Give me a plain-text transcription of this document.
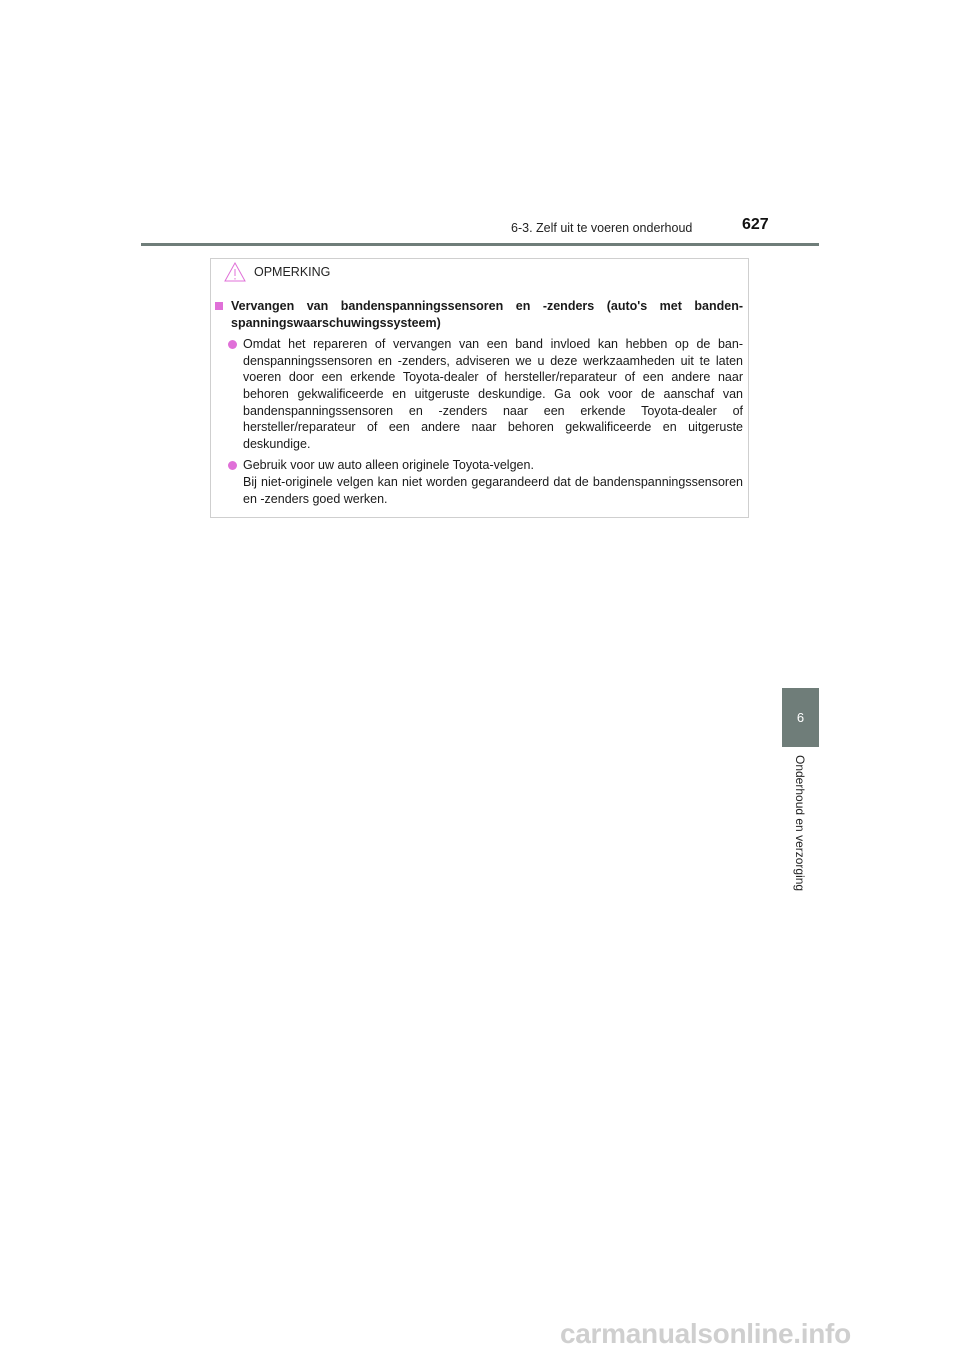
6-3. Zelf uit te voeren onderhoud	627
6
Onderhoud en verzorging
OPMERKING
Vervangen van bandenspanningssensoren en -zenders (auto's met bandenspanningswaarschuwingssysteem)
Omdat het repareren of vervangen van een band invloed kan hebben op de bandenspanningssensoren en -zenders, adviseren we u deze werkzaamheden uit te laten voeren door een erkende Toyota-dealer of hersteller/reparateur of een andere naar behoren gekwalificeerde en uitgeruste deskundige. Ga ook voor de aanschaf van bandenspanningssensoren en -zenders naar een erkende Toyota-dealer of hersteller/reparateur of een andere naar behoren gekwalificeerde en uitgeruste deskundige.

Gebruik voor uw auto alleen originele Toyota-velgen.

Bij niet-originele velgen kan niet worden gegarandeerd dat de bandenspanningssensoren en -zenders goed werken.

carmanualsonline.info
